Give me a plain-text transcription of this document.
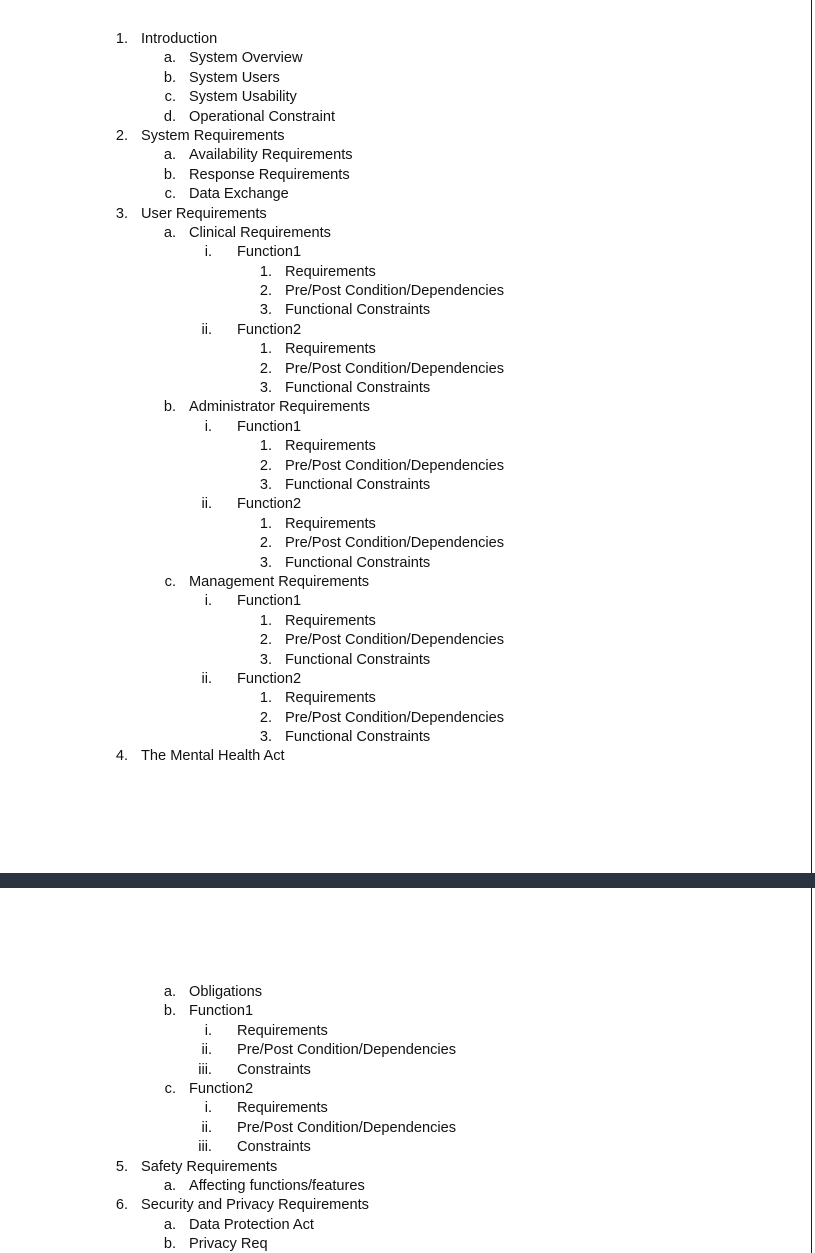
1. Introduction
a. System Overview
b. System Users
c. System Usability
d. Operational Constraint
2. System Requirements
a. Availability Requirements
b. Response Requirements
c. Data Exchange
3. User Requirements
a. Clinical Requirements
i. Function1
1. Requirements
2. Pre/Post Condition/Dependencies
3. Functional Constraints
ii. Function2
1. Requirements
2. Pre/Post Condition/Dependencies
3. Functional Constraints
b. Administrator Requirements
i. Function1
1. Requirements
2. Pre/Post Condition/Dependencies
3. Functional Constraints
ii. Function2
1. Requirements
2. Pre/Post Condition/Dependencies
3. Functional Constraints
c. Management Requirements
i. Function1
1. Requirements
2. Pre/Post Condition/Dependencies
3. Functional Constraints
ii. Function2
1. Requirements
2. Pre/Post Condition/Dependencies
3. Functional Constraints
4. The Mental Health Act
a. Obligations
b. Function1
i. Requirements
ii. Pre/Post Condition/Dependencies
iii. Constraints
c. Function2
i. Requirements
ii. Pre/Post Condition/Dependencies
iii. Constraints
5. Safety Requirements
a. Affecting functions/features
6. Security and Privacy Requirements
a. Data Protection Act
b. Privacy Req
